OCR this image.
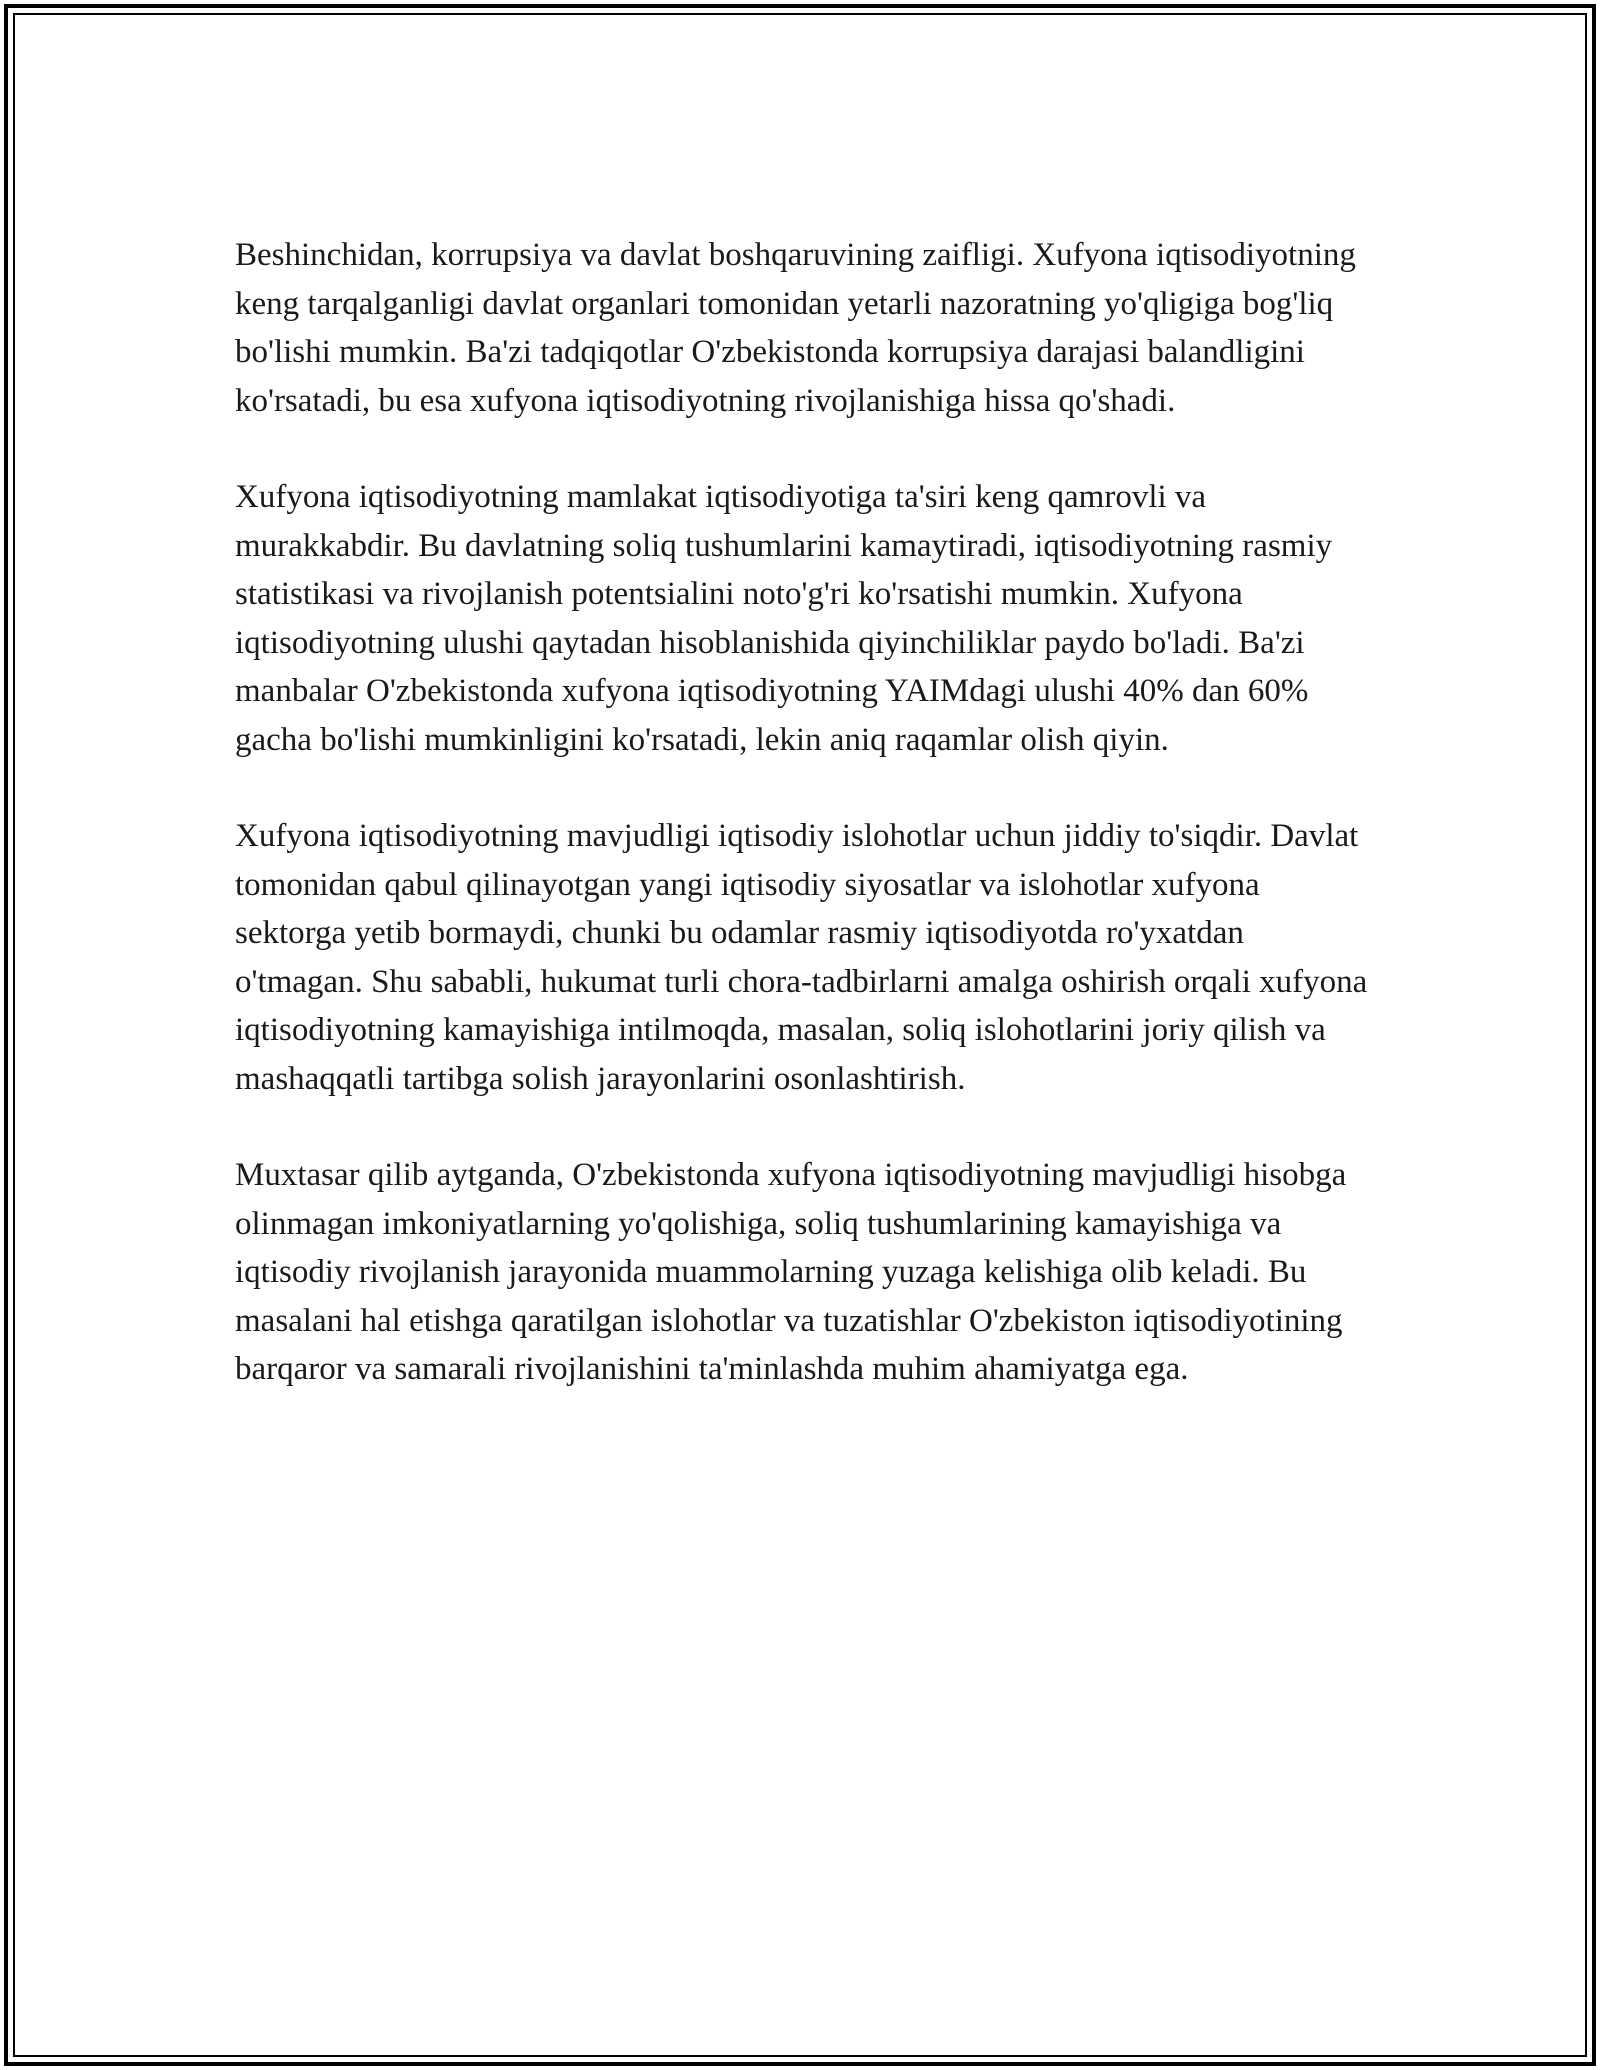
Beshinchidan, korrupsiya va davlat boshqaruvining zaifligi. Xufyona iqtisodiyotning keng tarqalganligi davlat organlari tomonidan yetarli nazoratning yo'qligiga bog'liq bo'lishi mumkin. Ba'zi tadqiqotlar O'zbekistonda korrupsiya darajasi balandligini ko'rsatadi, bu esa xufyona iqtisodiyotning rivojlanishiga hissa qo'shadi.

Xufyona iqtisodiyotning mamlakat iqtisodiyotiga ta'siri keng qamrovli va murakkabdir. Bu davlatning soliq tushumlarini kamaytiradi, iqtisodiyotning rasmiy statistikasi va rivojlanish potentsialini noto'g'ri ko'rsatishi mumkin. Xufyona iqtisodiyotning ulushi qaytadan hisoblanishida qiyinchiliklar paydo bo'ladi. Ba'zi manbalar O'zbekistonda xufyona iqtisodiyotning YAIMdagi ulushi 40% dan 60% gacha bo'lishi mumkinligini ko'rsatadi, lekin aniq raqamlar olish qiyin.

Xufyona iqtisodiyotning mavjudligi iqtisodiy islohotlar uchun jiddiy to'siqdir. Davlat tomonidan qabul qilinayotgan yangi iqtisodiy siyosatlar va islohotlar xufyona sektorga yetib bormaydi, chunki bu odamlar rasmiy iqtisodiyotda ro'yxatdan o'tmagan. Shu sababli, hukumat turli chora-tadbirlarni amalga oshirish orqali xufyona iqtisodiyotning kamayishiga intilmoqda, masalan, soliq islohotlarini joriy qilish va mashaqqatli tartibga solish jarayonlarini osonlashtirish.

Muxtasar qilib aytganda, O'zbekistonda xufyona iqtisodiyotning mavjudligi hisobga olinmagan imkoniyatlarning yo'qolishiga, soliq tushumlarining kamayishiga va iqtisodiy rivojlanish jarayonida muammolarning yuzaga kelishiga olib keladi. Bu masalani hal etishga qaratilgan islohotlar va tuzatishlar O'zbekiston iqtisodiyotining barqaror va samarali rivojlanishini ta'minlashda muhim ahamiyatga ega.
